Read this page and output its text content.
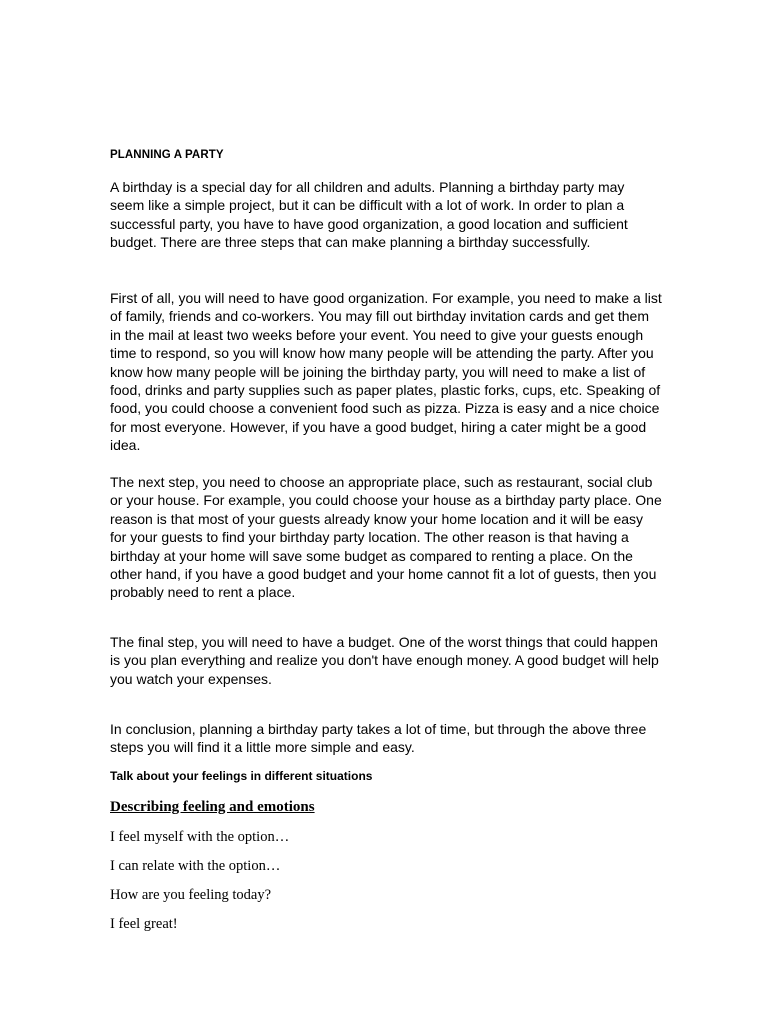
PLANNING A PARTY

A birthday is a special day for all children and adults. Planning a birthday party may seem like a simple project, but it can be difficult with a lot of work. In order to plan a successful party, you have to have good organization, a good location and sufficient budget. There are three steps that can make planning a birthday successfully.

First of all, you will need to have good organization. For example, you need to make a list of family, friends and co-workers. You may fill out birthday invitation cards and get them in the mail at least two weeks before your event. You need to give your guests enough time to respond, so you will know how many people will be attending the party. After you know how many people will be joining the birthday party, you will need to make a list of food, drinks and party supplies such as paper plates, plastic forks, cups, etc. Speaking of food, you could choose a convenient food such as pizza. Pizza is easy and a nice choice for most everyone. However, if you have a good budget, hiring a cater might be a good idea.

The next step, you need to choose an appropriate place, such as restaurant, social club or your house. For example, you could choose your house as a birthday party place. One reason is that most of your guests already know your home location and it will be easy for your guests to find your birthday party location. The other reason is that having a birthday at your home will save some budget as compared to renting a place. On the other hand, if you have a good budget and your home cannot fit a lot of guests, then you probably need to rent a place.

The final step, you will need to have a budget. One of the worst things that could happen is you plan everything and realize you don't have enough money. A good budget will help you watch your expenses.

In conclusion, planning a birthday party takes a lot of time, but through the above three steps you will find it a little more simple and easy.

Talk about your feelings in different situations
Describing feeling and emotions

I feel myself with the option…

I can relate with the option…

How are you feeling today?

I feel great!
